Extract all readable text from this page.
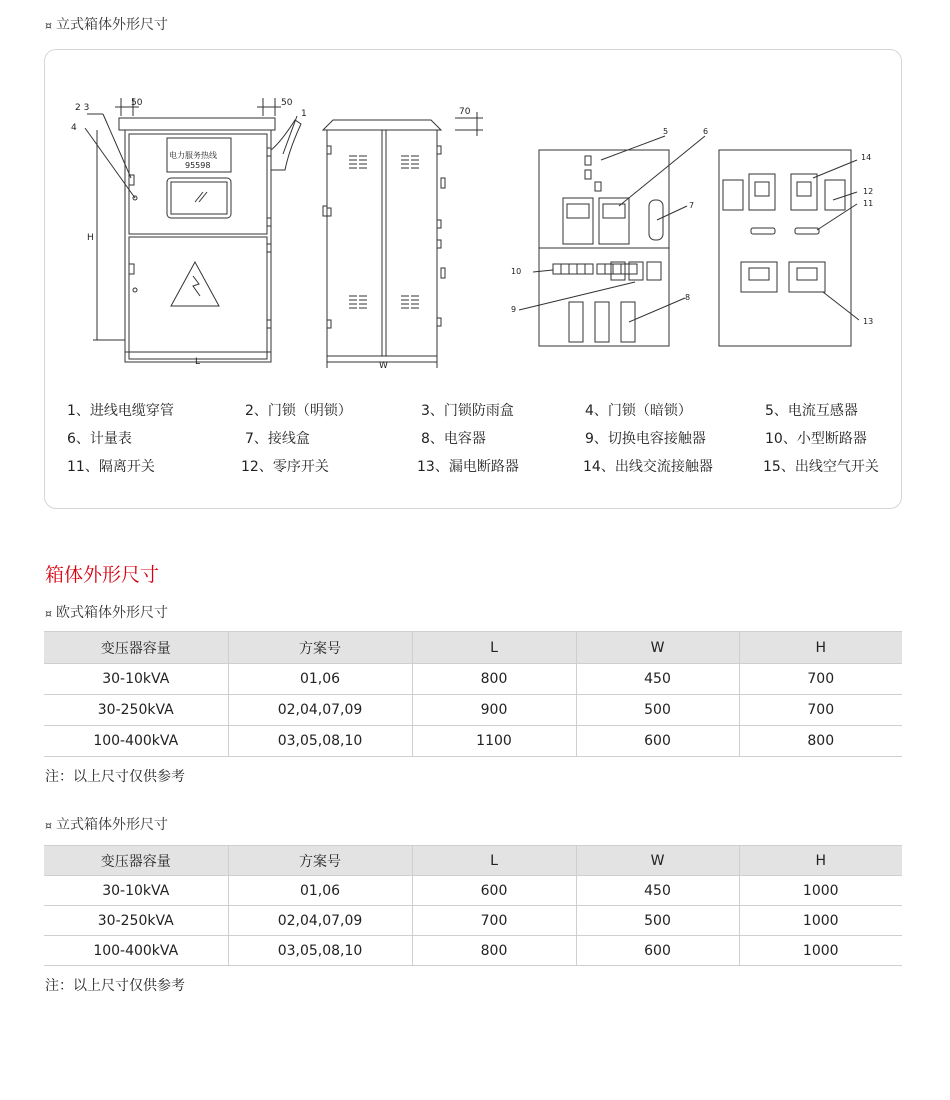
¤ 立式箱体外形尺寸
50	50
70
H
L	W
2 3
4
1
电力服务热线
95598
5	6
7
8
9
10
11
12
13
14
1、进线电缆穿管	2、门锁（明锁）	3、门锁防雨盒	4、门锁（暗锁）	5、电流互感器
6、计量表	7、接线盒	8、电容器	9、切换电容接触器	10、小型断路器
11、隔离开关	12、零序开关	13、漏电断路器	14、出线交流接触器	15、出线空气开关
箱体外形尺寸
¤ 欧式箱体外形尺寸
变压器容量	方案号	L	W	H
30-10kVA	01,06	800	450	700
30-250kVA	02,04,07,09	900	500	700
100-400kVA	03,05,08,10	1100	600	800
注：以上尺寸仅供参考
¤ 立式箱体外形尺寸
变压器容量	方案号	L	W	H
30-10kVA	01,06	600	450	1000
30-250kVA	02,04,07,09	700	500	1000
100-400kVA	03,05,08,10	800	600	1000
注：以上尺寸仅供参考
